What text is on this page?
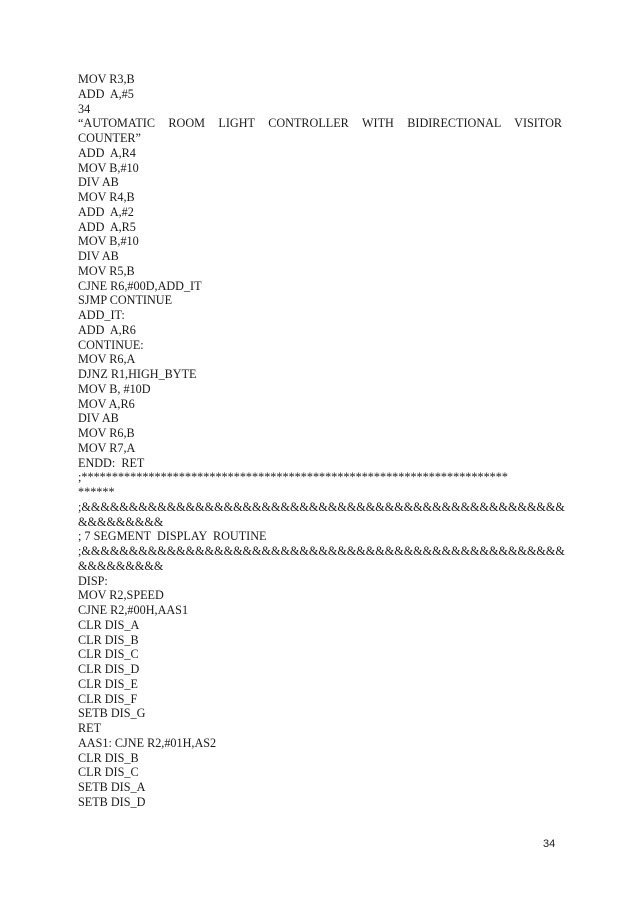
MOV R3,B
ADD  A,#5
34
“AUTOMATIC ROOM LIGHT CONTROLLER WITH BIDIRECTIONAL VISITOR
COUNTER”
ADD  A,R4
MOV B,#10
DIV AB
MOV R4,B
ADD  A,#2
ADD  A,R5
MOV B,#10
DIV AB
MOV R5,B
CJNE R6,#00D,ADD_IT
SJMP CONTINUE
ADD_IT:
ADD  A,R6
CONTINUE:
MOV R6,A
DJNZ R1,HIGH_BYTE
MOV B, #10D
MOV A,R6
DIV AB
MOV R6,B
MOV R7,A
ENDD:  RET
;**********************************************************************
******
;&&&&&&&&&&&&&&&&&&&&&&&&&&&&&&&&&&&&&&&&&&&&&&&&&&&
&&&&&&&&&
; 7 SEGMENT  DISPLAY  ROUTINE
;&&&&&&&&&&&&&&&&&&&&&&&&&&&&&&&&&&&&&&&&&&&&&&&&&&&
&&&&&&&&&
DISP:
MOV R2,SPEED
CJNE R2,#00H,AAS1
CLR DIS_A
CLR DIS_B
CLR DIS_C
CLR DIS_D
CLR DIS_E
CLR DIS_F
SETB DIS_G
RET
AAS1: CJNE R2,#01H,AS2
CLR DIS_B
CLR DIS_C
SETB DIS_A
SETB DIS_D
34
